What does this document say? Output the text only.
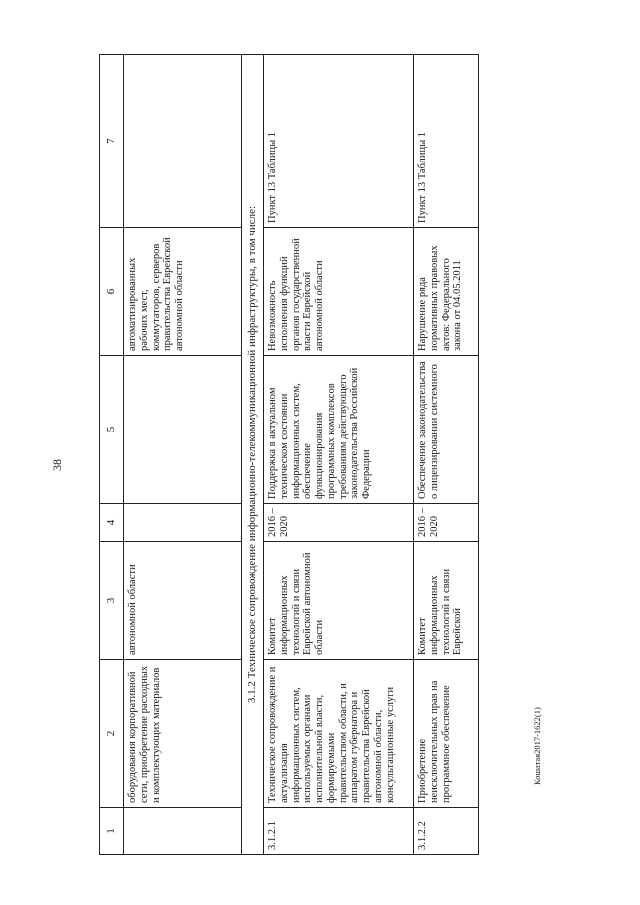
38
Кошатая2017-1622(1)
1	2	3	4	5	6	7
	оборудования корпоративной сети, приобретение расходных и комплектующих материалов	автономной области			автоматизированных рабочих мест, коммутаторов, серверов правительства Еврейской автономной области	
3.1.2 Техническое сопровождение информационно-телекоммуникационной инфраструктуры, в том числе:						
3.1.2.1	Техническое сопровождение и актуализация информационных систем, используемых органами исполнительной власти, формируемыми правительством области, и аппаратом губернатора и правительства Еврейской автономной области, консультационные услуги	Комитет информационных технологий и связи Еврейской автономной области	2016 – 2020	Поддержка в актуальном техническом состоянии информационных систем, обеспечение функционирования программных комплексов требованиям действующего законодательства Российской Федерации	Невозможность исполнения функций органов государственной власти Еврейской автономной области	Пункт 13 Таблицы 1
3.1.2.2	Приобретение неисключительных прав на программное обеспечение	Комитет информационных технологий и связи Еврейской	2016 – 2020	Обеспечение законодательства о лицензировании системного	Нарушение ряда нормативных правовых актов: Федерального закона от 04.05.2011	Пункт 13 Таблицы 1
